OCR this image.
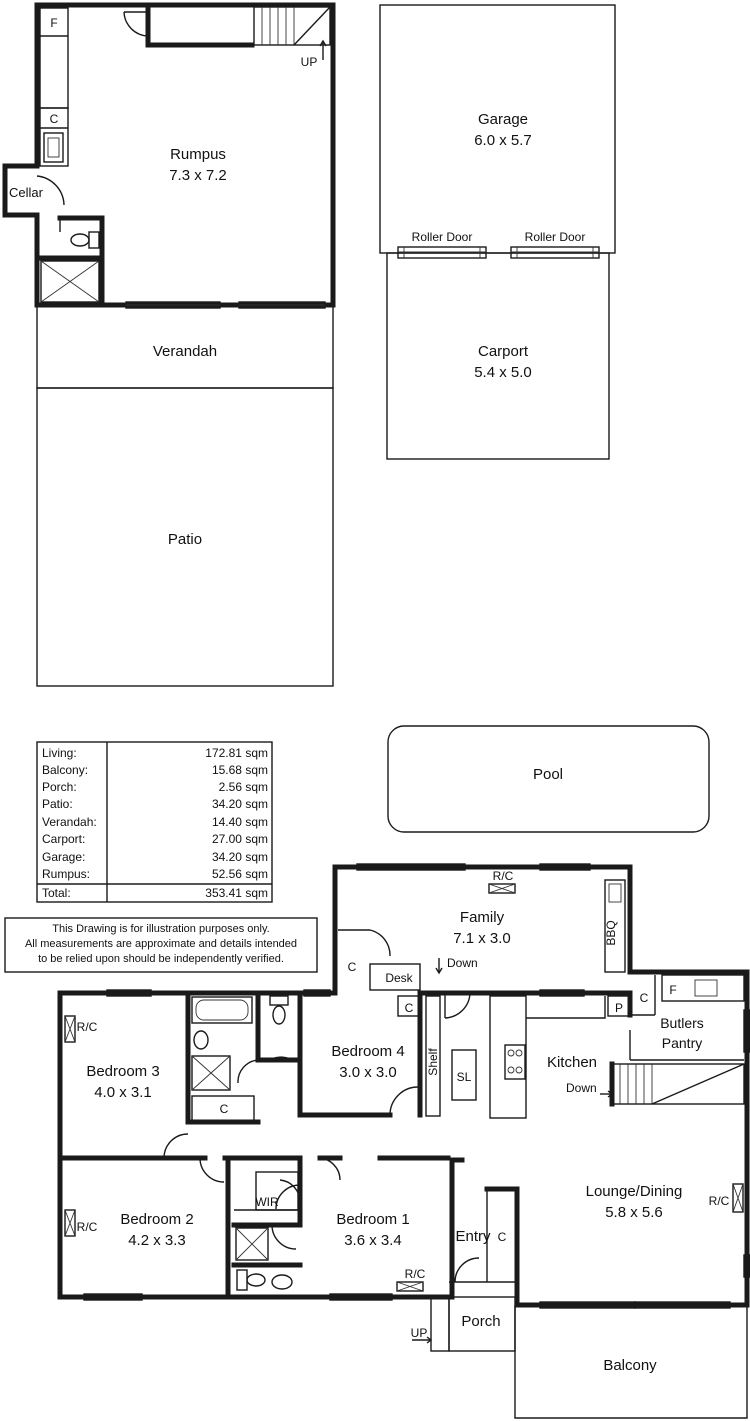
F
C
UP
Cellar
Rumpus
7.3 x 7.2
Verandah
Patio
Roller Door	Roller Door
Garage
6.0 x 5.7
Carport
5.4 x 5.0
Living:	172.81 sqm
Balcony:	15.68 sqm
Porch:	2.56 sqm
Patio:	34.20 sqm
Verandah:	14.40 sqm
Carport:	27.00 sqm
Garage:	34.20 sqm
Rumpus:	52.56 sqm
Total:	353.41 sqm
This Drawing is for illustration purposes only.
All measurements are approximate and details intended
to be relied upon should be independently verified.
Pool
Family
7.1 x 3.0
R/C
BBQ
C
Desk
Down
C	P
C
F
Butlers
Pantry
Bedroom 4
3.0 x 3.0 Shelf
SL
Kitchen
Down
C
R/C
Bedroom 3
4.0 x 3.1
R/C Bedroom 2
4.2 x 3.3
WIR
Bedroom 1
3.6 x 3.4
R/C
Entry C
Lounge/Dining
5.8 x 5.6
R/C
Porch
UP
Balcony
